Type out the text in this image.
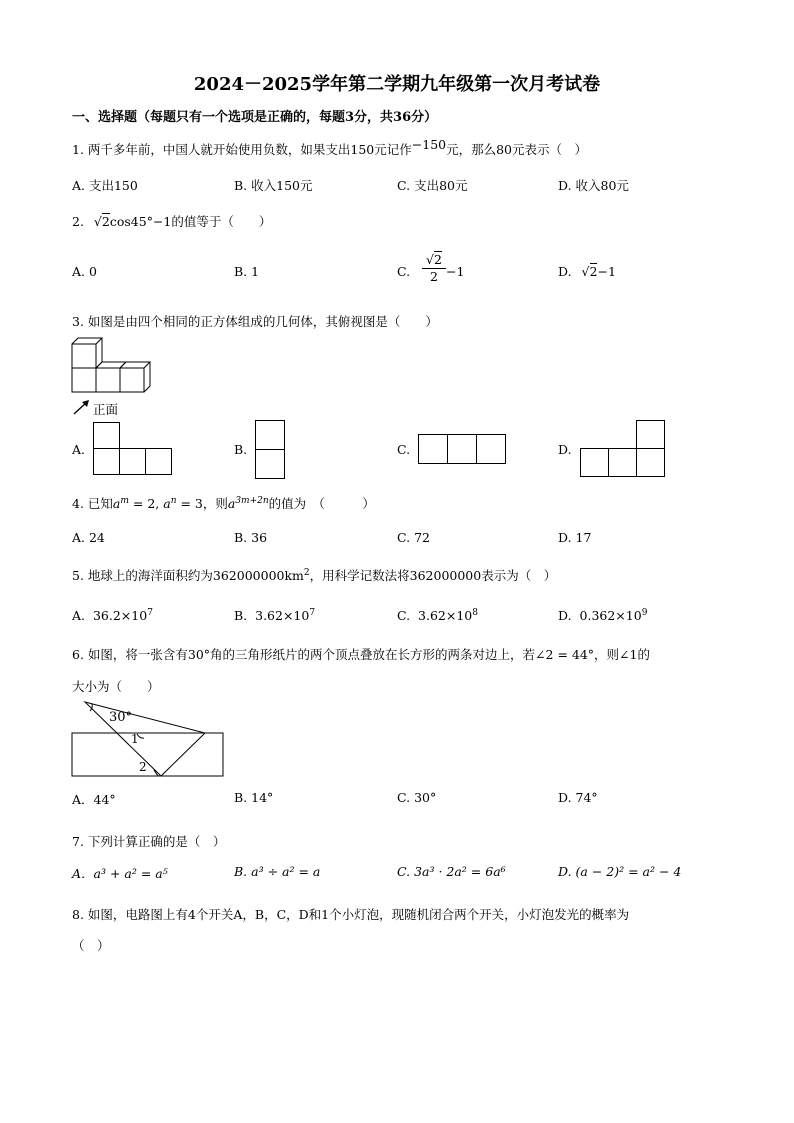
2024－2025学年第二学期九年级第一次月考试卷
一、选择题（每题只有一个选项是正确的，每题3分，共36分）
1. 两千多年前，中国人就开始使用负数，如果支出150元记作−150元，那么80元表示（　）
A. 支出150	B. 收入150元	C. 支出80元	D. 收入80元
2. √2cos45°−1的值等于（　　）
A. 0	B. 1	C. $\frac{√2}{2} -1$	D. √2−1
3. 如图是由四个相同的正方体组成的几何体，其俯视图是（　　）
正面
A.	B.	C.	D.
4. 已知$a^m = 2$, $a^n = 3$，则$a^{3m+2n}$的值为　（　　　）
A. 24	B. 36	C. 72	D. 17
5. 地球上的海洋面积约为$362000000km^2$，用科学记数法将362000000表示为（　）
A. $36.2\times 10^7$	B. $3.62\times 10^7$	C. $3.62\times 10^8$	D. $0.362\times 10^9$
6. 如图，将一张含有30°角的三角形纸片的两个顶点叠放在长方形的两条对边上，若∠2 = 44°，则∠1的
大小为（　　）
30°
1
2
A．44°	B. 14°	C. 30°	D. 74°
7. 下列计算正确的是（　）
A．a³ + a² = a⁵	B. a³ ÷ a² = a	C. 3a³ · 2a² = 6a⁶	D. (a − 2)² = a² − 4
8. 如图，电路图上有4个开关A，B，C，D和1个小灯泡，现随机闭合两个开关，小灯泡发光的概率为
（　）
